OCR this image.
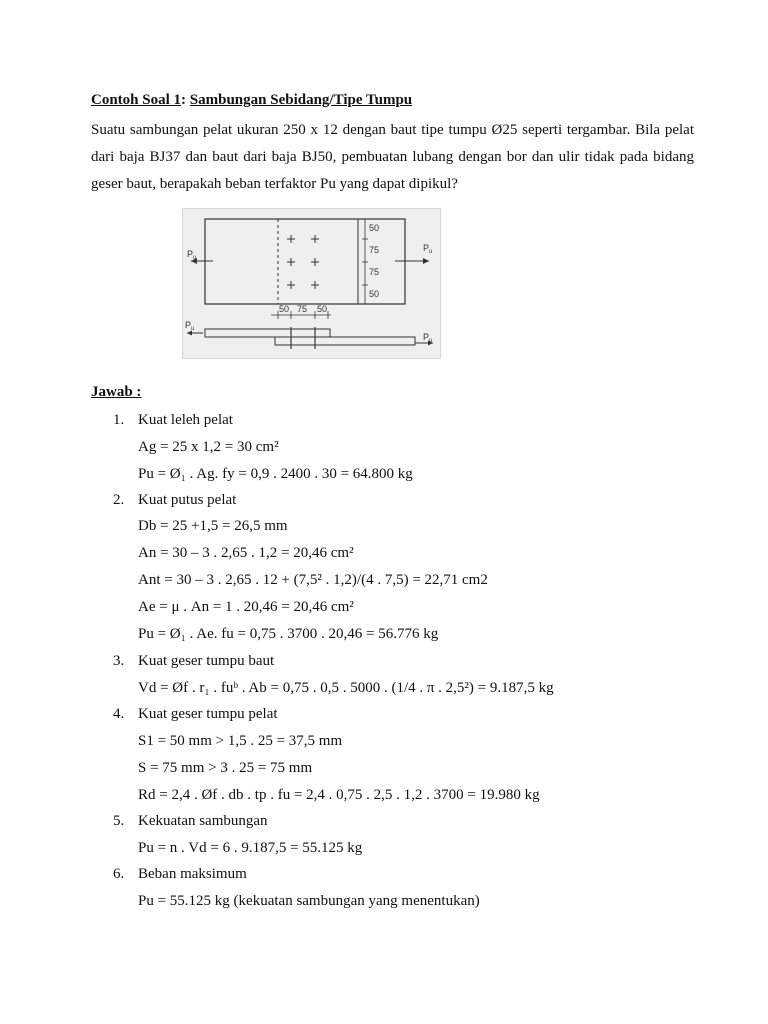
Contoh Soal 1: Sambungan Sebidang/Tipe Tumpu
Suatu sambungan pelat ukuran 250 x 12 dengan baut tipe tumpu Ø25 seperti tergambar. Bila pelat dari baja BJ37 dan baut dari baja BJ50, pembuatan lubang dengan bor dan ulir tidak pada bidang geser baut, berapakah beban terfaktor Pu yang dapat dipikul?
50
75
75
50
50 75 50
$P_u$
$P_u$
$P_u$
$P_u$
Jawab :
1. Kuat leleh pelat
Ag = 25 x 1,2 = 30 cm²
Pu = Ø₁ . Ag. fy = 0,9 . 2400 . 30 = 64.800 kg
2. Kuat putus pelat
Db = 25 +1,5 = 26,5 mm
An = 30 – 3 . 2,65 . 1,2 = 20,46 cm²
Ant = 30 – 3 . 2,65 . 12 + (7,5² . 1,2)/(4 . 7,5) = 22,71 cm2
Ae = μ . An = 1 . 20,46 = 20,46 cm²
Pu = Ø₁ . Ae. fu = 0,75 . 3700 . 20,46 = 56.776 kg
3. Kuat geser tumpu baut
Vd = Øf . r₁ . fuᵇ . Ab = 0,75 . 0,5 . 5000 . (1/4 . π . 2,5²) = 9.187,5 kg
4. Kuat geser tumpu pelat
S1 = 50 mm > 1,5 . 25 = 37,5 mm
S = 75 mm > 3 . 25 = 75 mm
Rd = 2,4 . Øf . db . tp . fu = 2,4 . 0,75 . 2,5 . 1,2 . 3700 = 19.980 kg
5. Kekuatan sambungan
Pu = n . Vd = 6 . 9.187,5 = 55.125 kg
6. Beban maksimum
Pu = 55.125 kg (kekuatan sambungan yang menentukan)
